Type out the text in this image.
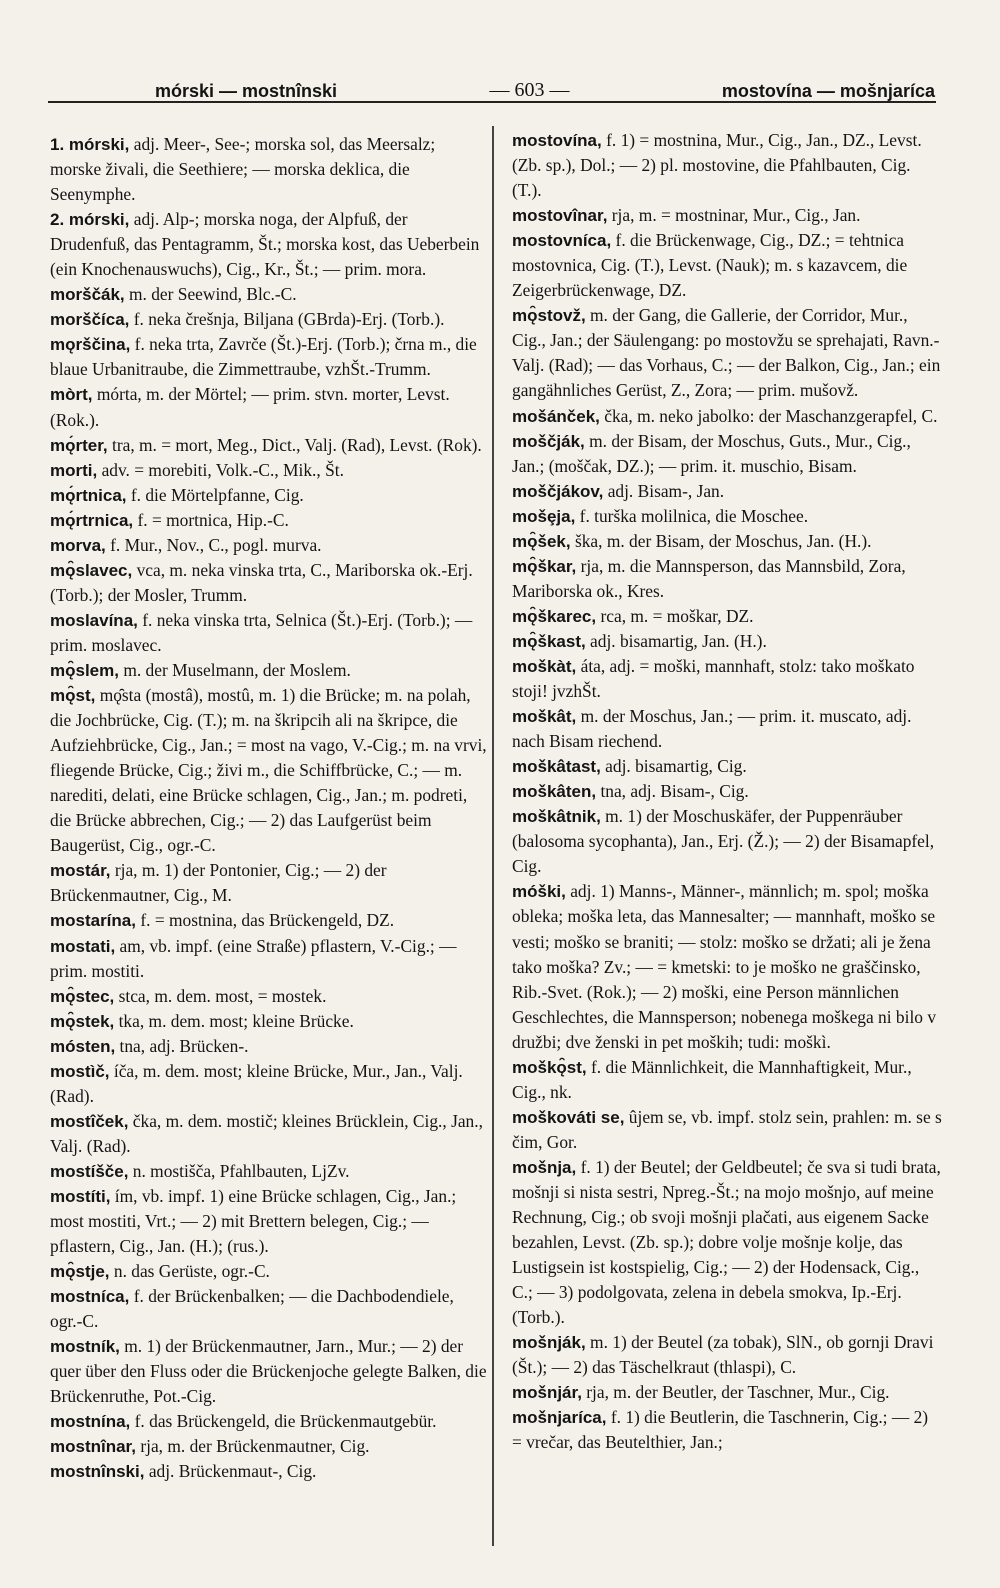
mórski — mostnînski	— 603 —	mostovína — mošnjaríca

1. mórski, adj. Meer-, See-; morska sol, das Meersalz; morske živali, die Seethiere; — morska deklica, die Seenymphe.

2. mórski, adj. Alp-; morska noga, der Alpfuß, der Drudenfuß, das Pentagramm, Št.; morska kost, das Ueberbein (ein Knochenauswuchs), Cig., Kr., Št.; — prim. mora.

morščák, m. der Seewind, Blc.-C.

morščíca, f. neka črešnja, Biljana (GBrda)-Erj. (Torb.).

mǫrščina, f. neka trta, Zavrče (Št.)-Erj. (Torb.); črna m., die blaue Urbanitraube, die Zimmettraube, vzhŠt.-Trumm.

mòrt, mórta, m. der Mörtel; — prim. stvn. morter, Levst. (Rok.).

mǫ́rter, tra, m. = mort, Meg., Dict., Valj. (Rad), Levst. (Rok).

morti, adv. = morebiti, Volk.-C., Mik., Št.

mǫ́rtnica, f. die Mörtelpfanne, Cig.

mǫ́rtrnica, f. = mortnica, Hip.-C.

morva, f. Mur., Nov., C., pogl. murva.

mǫ̑slavec, vca, m. neka vinska trta, C., Mariborska ok.-Erj. (Torb.); der Mosler, Trumm.

moslavína, f. neka vinska trta, Selnica (Št.)-Erj. (Torb.); — prim. moslavec.

mǫ̑slem, m. der Muselmann, der Moslem.

mǫ̑st, mǫ̑sta (mostâ), mostû, m. 1) die Brücke; m. na polah, die Jochbrücke, Cig. (T.); m. na škripcih ali na škripce, die Aufziehbrücke, Cig., Jan.; = most na vago, V.-Cig.; m. na vrvi, fliegende Brücke, Cig.; živi m., die Schiffbrücke, C.; — m. narediti, delati, eine Brücke schlagen, Cig., Jan.; m. podreti, die Brücke abbrechen, Cig.; — 2) das Laufgerüst beim Baugerüst, Cig., ogr.-C.

mostár, rja, m. 1) der Pontonier, Cig.; — 2) der Brückenmautner, Cig., M.

mostarína, f. = mostnina, das Brückengeld, DZ.

mostati, am, vb. impf. (eine Straße) pflastern, V.-Cig.; — prim. mostiti.

mǫ̑stec, stca, m. dem. most, = mostek.

mǫ̑stek, tka, m. dem. most; kleine Brücke.

mósten, tna, adj. Brücken-.

mostìč, íča, m. dem. most; kleine Brücke, Mur., Jan., Valj. (Rad).

mostîček, čka, m. dem. mostič; kleines Brücklein, Cig., Jan., Valj. (Rad).

mostíšče, n. mostišča, Pfahlbauten, LjZv.

mostíti, ím, vb. impf. 1) eine Brücke schlagen, Cig., Jan.; most mostiti, Vrt.; — 2) mit Brettern belegen, Cig.; — pflastern, Cig., Jan. (H.); (rus.).

mǫ̑stje, n. das Gerüste, ogr.-C.

mostníca, f. der Brückenbalken; — die Dachbodendiele, ogr.-C.

mostník, m. 1) der Brückenmautner, Jarn., Mur.; — 2) der quer über den Fluss oder die Brückenjoche gelegte Balken, die Brückenruthe, Pot.-Cig.

mostnína, f. das Brückengeld, die Brückenmautgebür.

mostnînar, rja, m. der Brückenmautner, Cig.

mostnînski, adj. Brückenmaut-, Cig.

mostovína, f. 1) = mostnina, Mur., Cig., Jan., DZ., Levst. (Zb. sp.), Dol.; — 2) pl. mostovine, die Pfahlbauten, Cig. (T.).

mostovînar, rja, m. = mostninar, Mur., Cig., Jan.

mostovníca, f. die Brückenwage, Cig., DZ.; = tehtnica mostovnica, Cig. (T.), Levst. (Nauk); m. s kazavcem, die Zeigerbrückenwage, DZ.

mǫ̑stovž, m. der Gang, die Gallerie, der Corridor, Mur., Cig., Jan.; der Säulengang: po mostovžu se sprehajati, Ravn.-Valj. (Rad); — das Vorhaus, C.; — der Balkon, Cig., Jan.; ein gangähnliches Gerüst, Z., Zora; — prim. mušovž.

mošánček, čka, m. neko jabolko: der Maschanzgerapfel, C.

moščják, m. der Bisam, der Moschus, Guts., Mur., Cig., Jan.; (moščak, DZ.); — prim. it. muschio, Bisam.

moščjákov, adj. Bisam-, Jan.

mošȩja, f. turška molilnica, die Moschee.

mǫ̑šek, ška, m. der Bisam, der Moschus, Jan. (H.).

mǫ̑škar, rja, m. die Mannsperson, das Mannsbild, Zora, Mariborska ok., Kres.

mǫ̑škarec, rca, m. = moškar, DZ.

mǫ̑škast, adj. bisamartig, Jan. (H.).

moškàt, áta, adj. = moški, mannhaft, stolz: tako moškato stoji! jvzhŠt.

moškât, m. der Moschus, Jan.; — prim. it. muscato, adj. nach Bisam riechend.

moškâtast, adj. bisamartig, Cig.

moškâten, tna, adj. Bisam-, Cig.

moškâtnik, m. 1) der Moschuskäfer, der Puppenräuber (balosoma sycophanta), Jan., Erj. (Ž.); — 2) der Bisamapfel, Cig.

móški, adj. 1) Manns-, Männer-, männlich; m. spol; moška obleka; moška leta, das Mannesalter; — mannhaft, moško se vesti; moško se braniti; — stolz: moško se držati; ali je žena tako moška? Zv.; — = kmetski: to je moško ne graščinsko, Rib.-Svet. (Rok.); — 2) moški, eine Person männlichen Geschlechtes, die Mannsperson; nobenega moškega ni bilo v družbi; dve ženski in pet moških; tudi: moškì.

moškǫ̑st, f. die Männlichkeit, die Mannhaftigkeit, Mur., Cig., nk.

moškováti se, ûjem se, vb. impf. stolz sein, prahlen: m. se s čim, Gor.

mošnja, f. 1) der Beutel; der Geldbeutel; če sva si tudi brata, mošnji si nista sestri, Npreg.-Št.; na mojo mošnjo, auf meine Rechnung, Cig.; ob svoji mošnji plačati, aus eigenem Sacke bezahlen, Levst. (Zb. sp.); dobre volje mošnje kolje, das Lustigsein ist kostspielig, Cig.; — 2) der Hodensack, Cig., C.; — 3) podolgovata, zelena in debela smokva, Ip.-Erj. (Torb.).

mošnják, m. 1) der Beutel (za tobak), SlN., ob gornji Dravi (Št.); — 2) das Täschelkraut (thlaspi), C.

mošnjár, rja, m. der Beutler, der Taschner, Mur., Cig.

mošnjaríca, f. 1) die Beutlerin, die Taschnerin, Cig.; — 2) = vrečar, das Beutelthier, Jan.;
